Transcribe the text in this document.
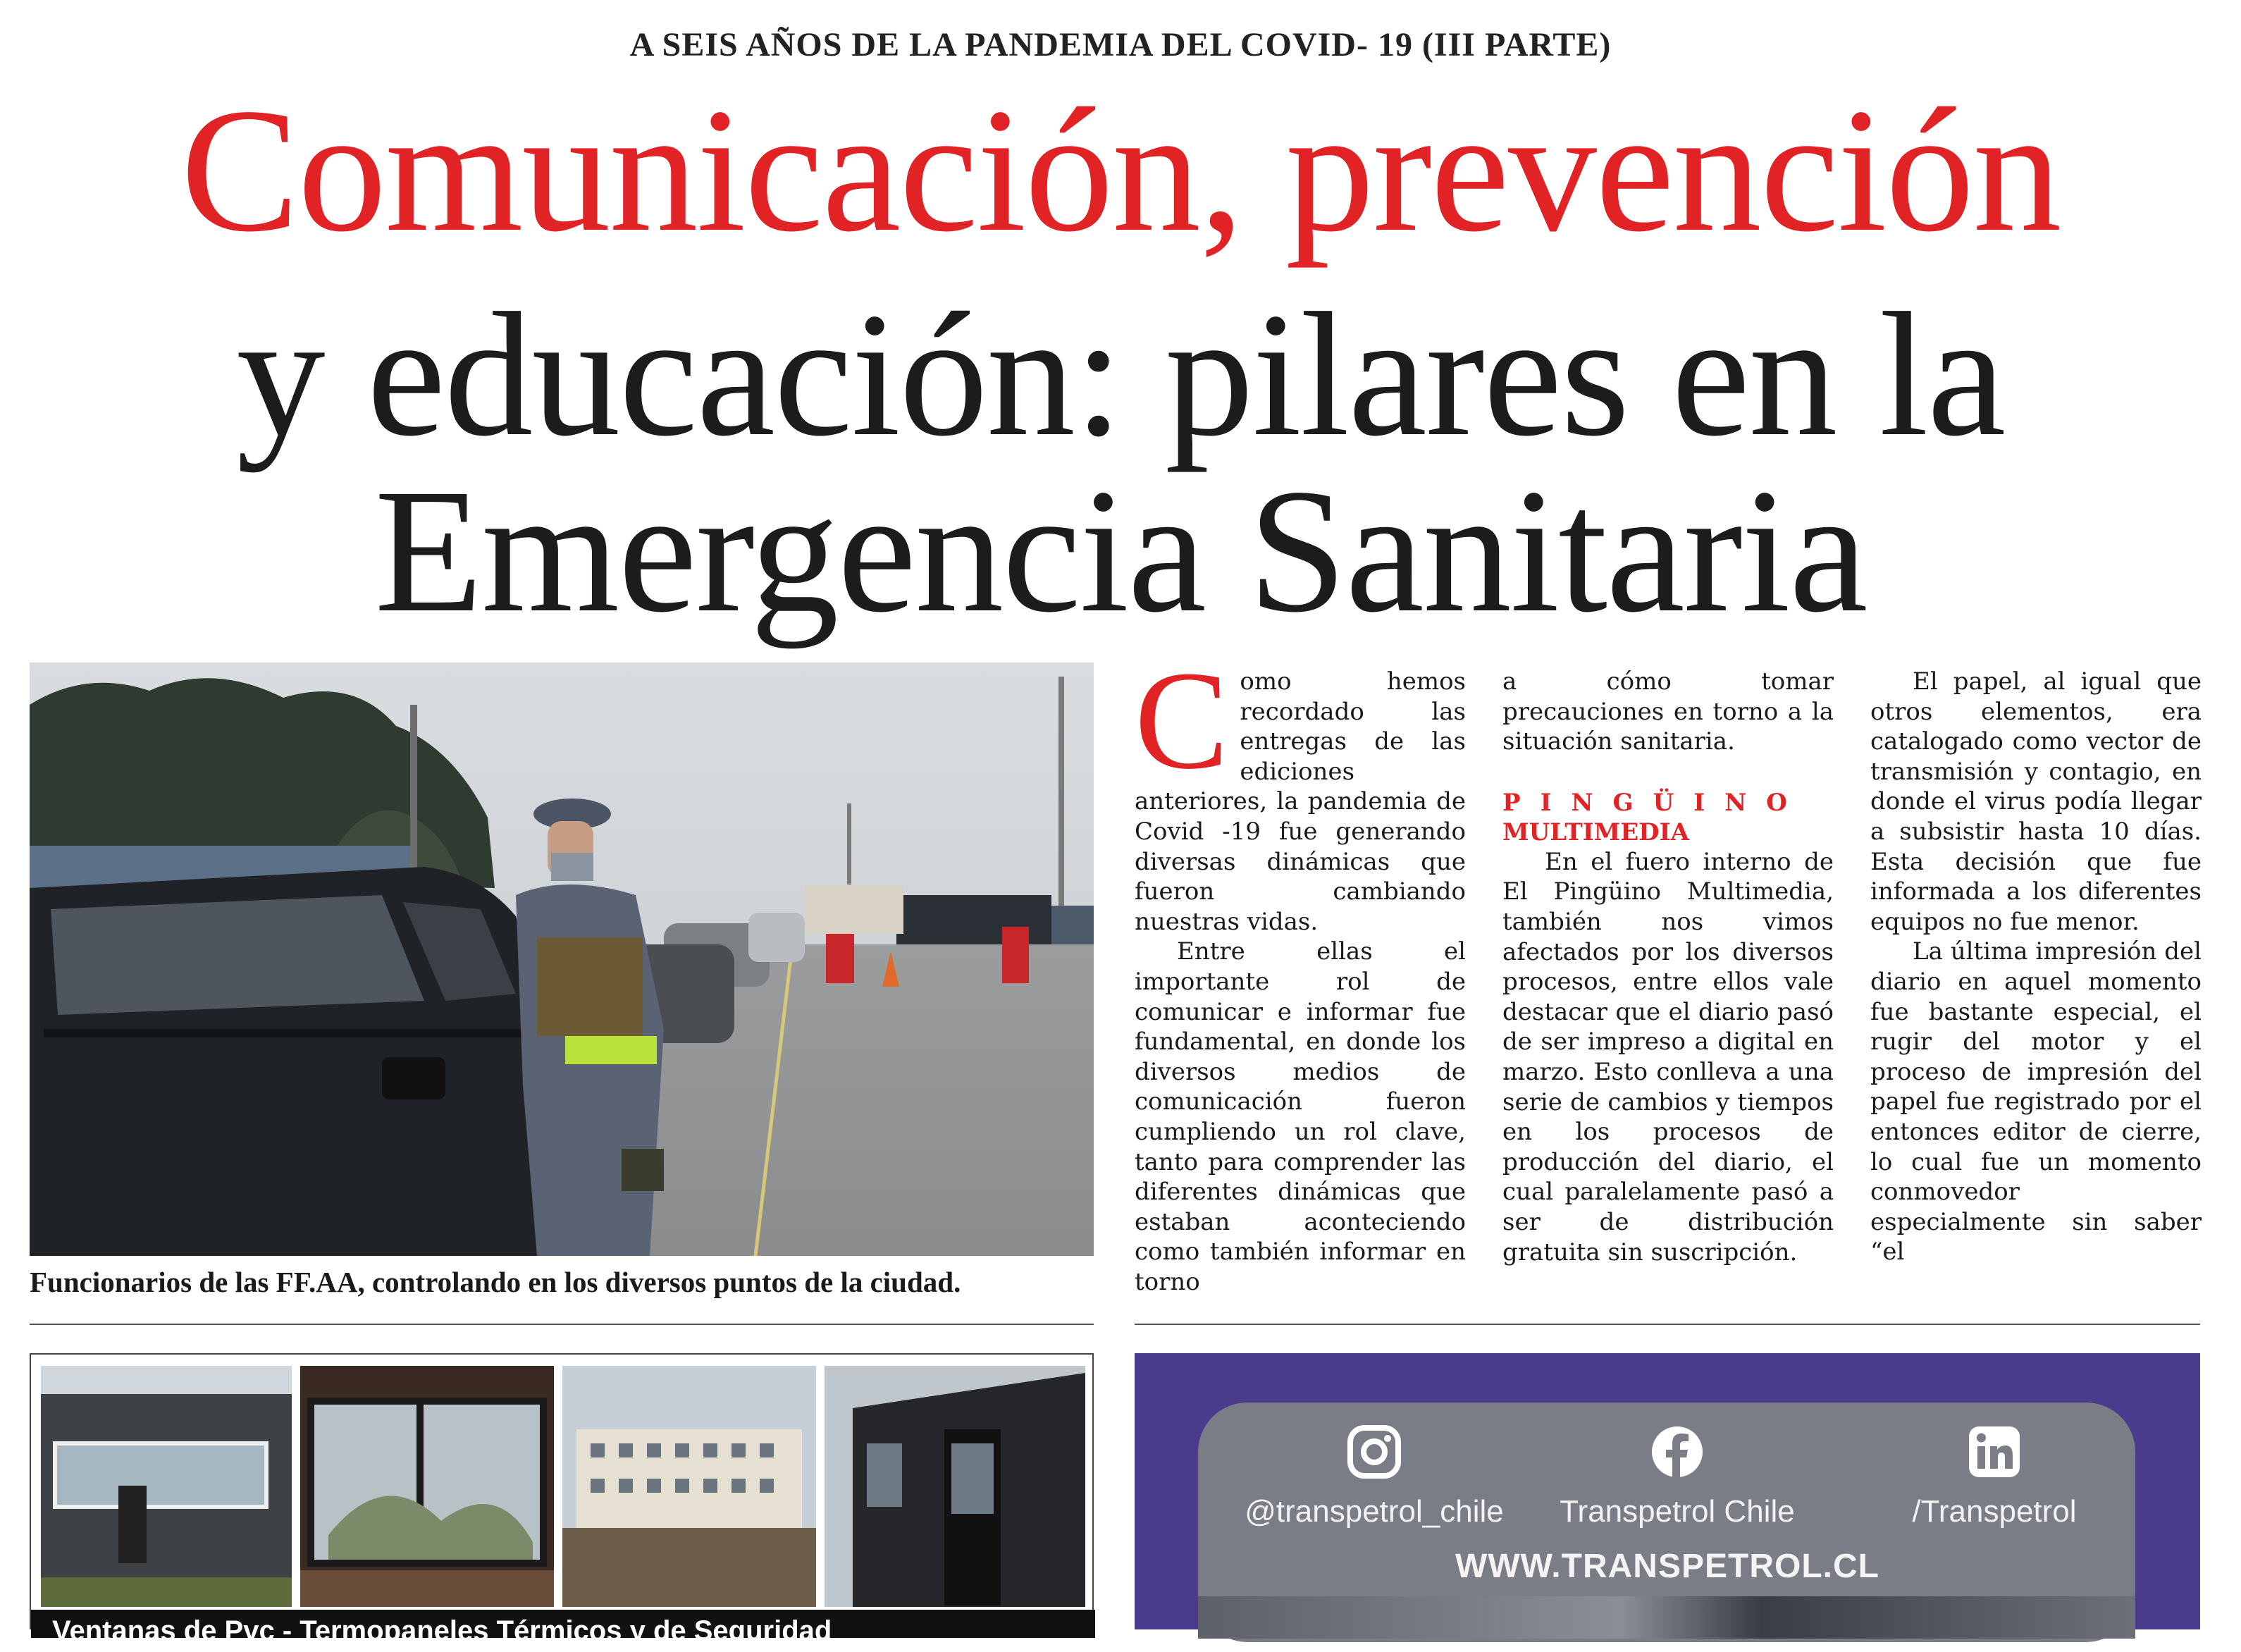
A SEIS AÑOS DE LA PANDEMIA DEL COVID- 19 (III PARTE)
Comunicación, prevención
y educación: pilares en la
Emergencia Sanitaria
Funcionarios de las FF.AA, controlando en los diversos puntos de la ciudad.

Como hemos recordado las entregas de las ediciones anteriores, la pandemia de Covid -19 fue generando diversas dinámicas que fueron cambiando nuestras vidas.

Entre ellas el importante rol de comunicar e informar fue fundamental, en donde los diversos medios de comunicación fueron cumpliendo un rol clave, tanto para comprender las diferentes dinámicas que estaban aconteciendo como también informar en torno

a cómo tomar precauciones en torno a la situación sanitaria.

PINGÜINO
MULTIMEDIA

En el fuero interno de El Pingüino Multimedia, también nos vimos afectados por los diversos procesos, entre ellos vale destacar que el diario pasó de ser impreso a digital en marzo. Esto conlleva a una serie de cambios y tiempos en los procesos de producción del diario, el cual paralelamente pasó a ser de distribución gratuita sin suscripción.

El papel, al igual que otros elementos, era catalogado como vector de transmisión y contagio, en donde el virus podía llegar a subsistir hasta 10 días. Esta decisión que fue informada a los diferentes equipos no fue menor.

La última impresión del diario en aquel momento fue bastante especial, el rugir del motor y el proceso de impresión del papel fue registrado por el entonces editor de cierre, lo cual fue un momento conmovedor especialmente sin saber “el

Ventanas de Pvc - Termopaneles Térmicos y de Seguridad
@transpetrol_chile	Transpetrol Chile	/Transpetrol
WWW.TRANSPETROL.CL
